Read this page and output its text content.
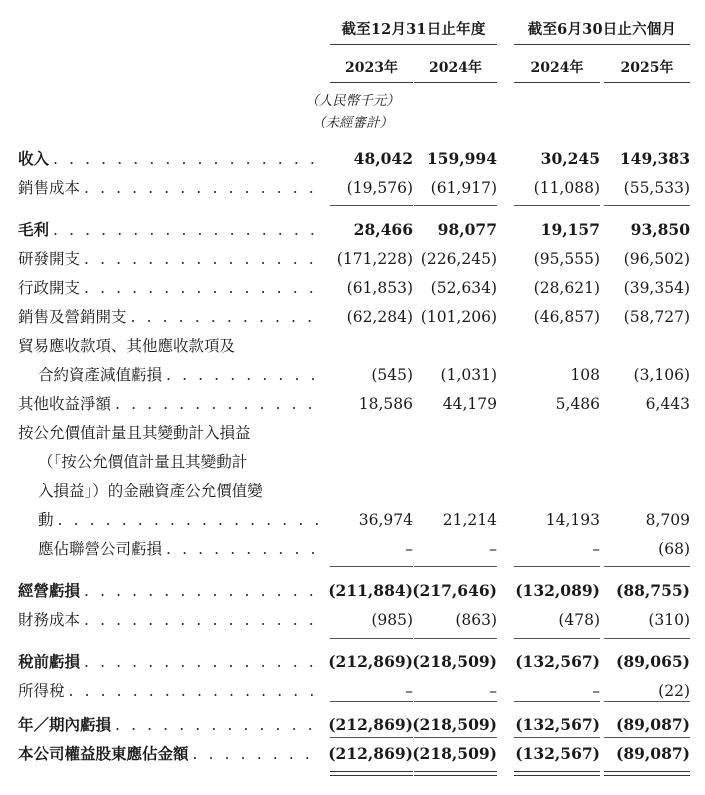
截至12月31日止年度	截至6月30日止六個月
2023年	2024年	2024年	2025年
（人民幣千元）
（未經審計）
收入 . . .	48,042 159,994	30,245	149,383
銷售成本 . . .	(19,576)	(61,917)	(11,088)	(55,533)
毛利 . . .	28,466	98,077	19,157	93,850
研發開支 . . .	(171,228) (226,245)	(95,555)	(96,502)
行政開支 . . .	(61,853)	(52,634)	(28,621)	(39,354)
銷售及營銷開支 . . .	(62,284) (101,206)	(46,857)	(58,727)
貿易應收款項、其他應收款項及
合約資產減值虧損 . . .	(545)	(1,031)	108	(3,106)
其他收益淨額 . . .	18,586	44,179	5,486	6,443
按公允價值計量且其變動計入損益
（「按公允價值計量且其變動計
入損益」）的金融資產公允價值變
動 . . .	36,974	21,214	14,193	8,709
應佔聯營公司虧損 . . .	–	–	–	(68)
經營虧損 . . .	(211,884) (217,646)	(132,089)	(88,755)
財務成本 . . .	(985)	(863)	(478)	(310)
稅前虧損 . . .	(212,869) (218,509)	(132,567)	(89,065)
所得稅 . . .	–	–	–	(22)
年／期內虧損 . . .	(212,869) (218,509)	(132,567)	(89,087)
本公司權益股東應佔金額 . . .	(212,869) (218,509)	(132,567)	(89,087)
